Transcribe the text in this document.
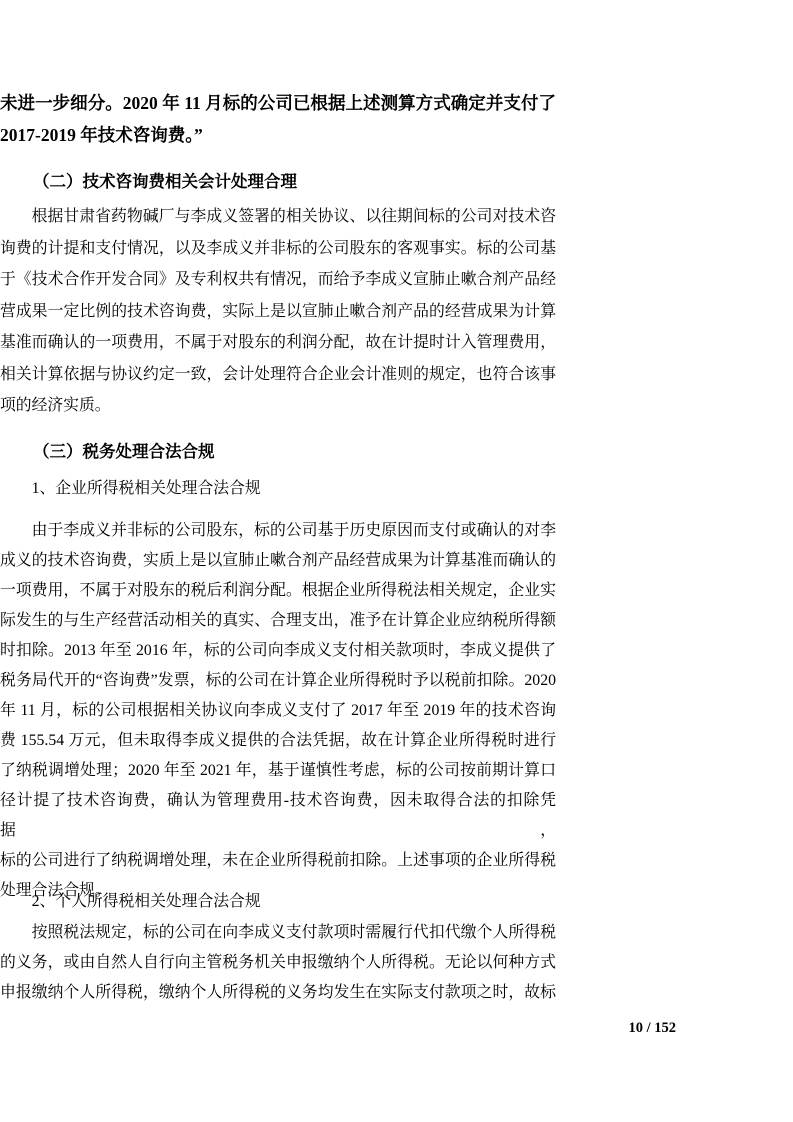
未进一步细分。2020 年 11 月标的公司已根据上述测算方式确定并支付了
2017-2019 年技术咨询费。”
（二）技术咨询费相关会计处理合理
根据甘肃省药物碱厂与李成义签署的相关协议、以往期间标的公司对技术咨
询费的计提和支付情况，以及李成义并非标的公司股东的客观事实。标的公司基
于《技术合作开发合同》及专利权共有情况，而给予李成义宣肺止嗽合剂产品经
营成果一定比例的技术咨询费，实际上是以宣肺止嗽合剂产品的经营成果为计算
基准而确认的一项费用，不属于对股东的利润分配，故在计提时计入管理费用，
相关计算依据与协议约定一致，会计处理符合企业会计准则的规定，也符合该事
项的经济实质。
（三）税务处理合法合规
1、企业所得税相关处理合法合规
由于李成义并非标的公司股东，标的公司基于历史原因而支付或确认的对李
成义的技术咨询费，实质上是以宣肺止嗽合剂产品经营成果为计算基准而确认的
一项费用，不属于对股东的税后利润分配。根据企业所得税法相关规定，企业实
际发生的与生产经营活动相关的真实、合理支出，准予在计算企业应纳税所得额
时扣除。2013 年至 2016 年，标的公司向李成义支付相关款项时，李成义提供了
税务局代开的“咨询费”发票，标的公司在计算企业所得税时予以税前扣除。2020
年 11 月，标的公司根据相关协议向李成义支付了 2017 年至 2019 年的技术咨询
费 155.54 万元，但未取得李成义提供的合法凭据，故在计算企业所得税时进行
了纳税调增处理；2020 年至 2021 年，基于谨慎性考虑，标的公司按前期计算口
径计提了技术咨询费，确认为管理费用-技术咨询费，因未取得合法的扣除凭据，
标的公司进行了纳税调增处理，未在企业所得税前扣除。上述事项的企业所得税
处理合法合规。
2、个人所得税相关处理合法合规
按照税法规定，标的公司在向李成义支付款项时需履行代扣代缴个人所得税
的义务，或由自然人自行向主管税务机关申报缴纳个人所得税。无论以何种方式
申报缴纳个人所得税，缴纳个人所得税的义务均发生在实际支付款项之时，故标
10 / 152
